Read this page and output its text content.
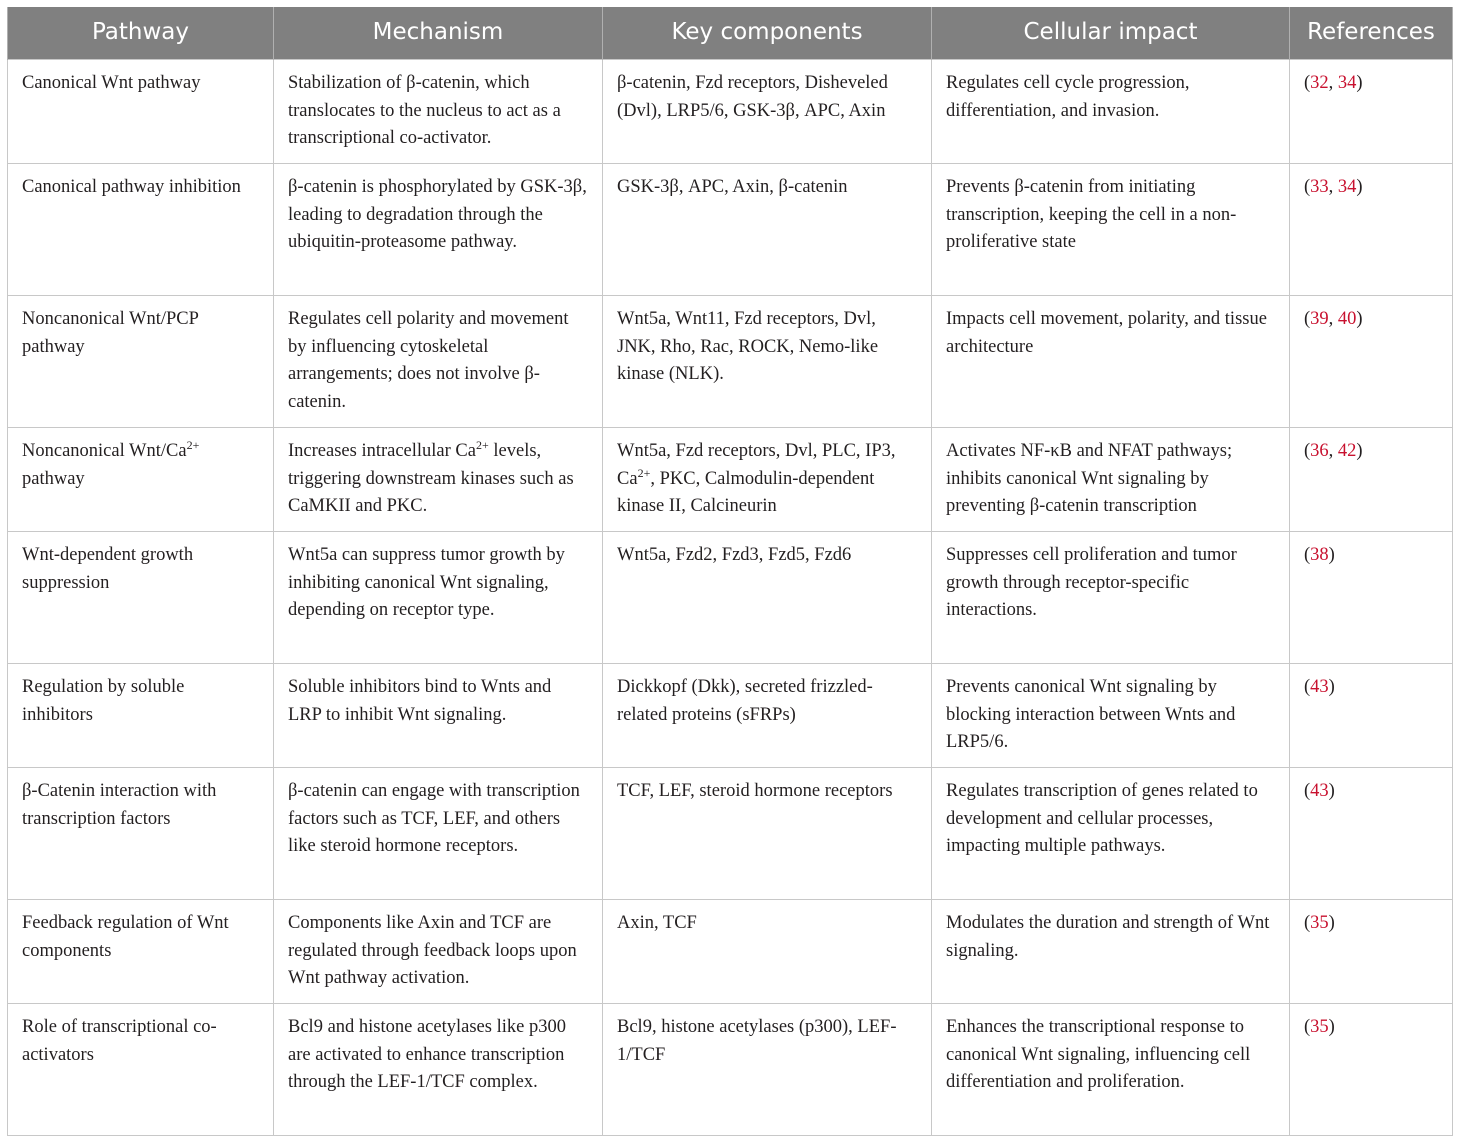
Pathway	Mechanism	Key components	Cellular impact	References
Canonical Wnt pathway	Stabilization of β-catenin, which translocates to the nucleus to act as a transcriptional co-activator.	β-catenin, Fzd receptors, Disheveled (Dvl), LRP5/6, GSK-3β, APC, Axin	Regulates cell cycle progression, differentiation, and invasion.	(32, 34)
Canonical pathway inhibition	β-catenin is phosphorylated by GSK-3β, leading to degradation through the ubiquitin-proteasome pathway.	GSK-3β, APC, Axin, β-catenin	Prevents β-catenin from initiating transcription, keeping the cell in a non-proliferative state	(33, 34)
Noncanonical Wnt/PCP pathway	Regulates cell polarity and movement by influencing cytoskeletal arrangements; does not involve β-catenin.	Wnt5a, Wnt11, Fzd receptors, Dvl, JNK, Rho, Rac, ROCK, Nemo-like kinase (NLK).	Impacts cell movement, polarity, and tissue architecture	(39, 40)
Noncanonical Wnt/$Ca^{2+}$ pathway	Increases intracellular $Ca^{2+}$ levels, triggering downstream kinases such as CaMKII and PKC.	Wnt5a, Fzd receptors, Dvl, PLC, IP3, $Ca^{2+}$, PKC, Calmodulin-dependent kinase II, Calcineurin	Activates NF-κB and NFAT pathways; inhibits canonical Wnt signaling by preventing β-catenin transcription	(36, 42)
Wnt-dependent growth suppression	Wnt5a can suppress tumor growth by inhibiting canonical Wnt signaling, depending on receptor type.	Wnt5a, Fzd2, Fzd3, Fzd5, Fzd6	Suppresses cell proliferation and tumor growth through receptor-specific interactions.	(38)
Regulation by soluble inhibitors	Soluble inhibitors bind to Wnts and LRP to inhibit Wnt signaling.	Dickkopf (Dkk), secreted frizzled-related proteins (sFRPs)	Prevents canonical Wnt signaling by blocking interaction between Wnts and LRP5/6.	(43)
β-Catenin interaction with transcription factors	β-catenin can engage with transcription factors such as TCF, LEF, and others like steroid hormone receptors.	TCF, LEF, steroid hormone receptors	Regulates transcription of genes related to development and cellular processes, impacting multiple pathways.	(43)
Feedback regulation of Wnt components	Components like Axin and TCF are regulated through feedback loops upon Wnt pathway activation.	Axin, TCF	Modulates the duration and strength of Wnt signaling.	(35)
Role of transcriptional co-activators	Bcl9 and histone acetylases like p300 are activated to enhance transcription through the LEF-1/TCF complex.	Bcl9, histone acetylases (p300), LEF-1/TCF	Enhances the transcriptional response to canonical Wnt signaling, influencing cell differentiation and proliferation.	(35)
